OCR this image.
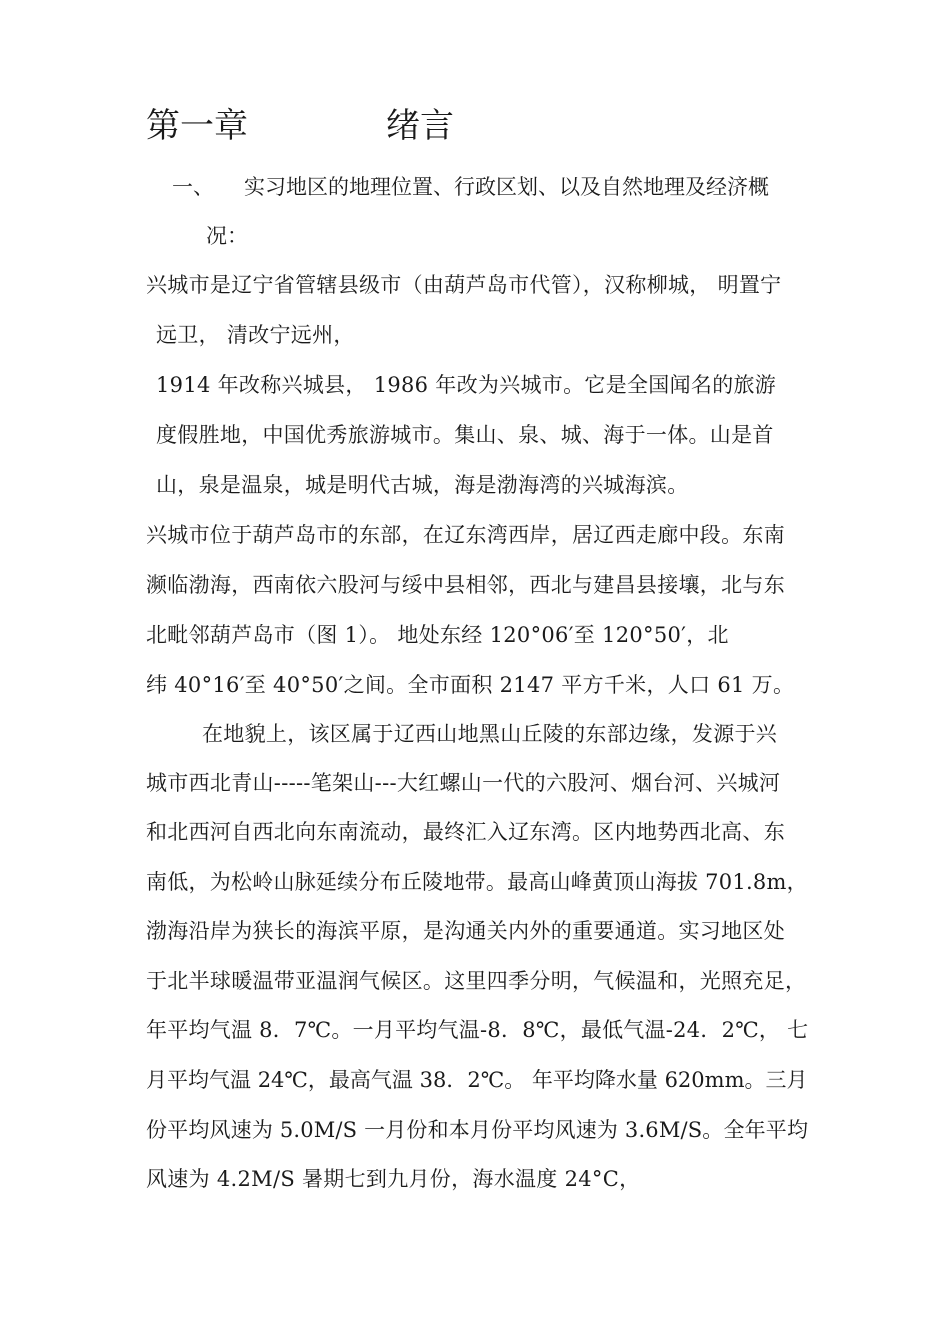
第一章	绪言
一、 实习地区的地理位置、行政区划、以及自然地理及经济概
况：
兴城市是辽宁省管辖县级市（由葫芦岛市代管），汉称柳城， 明置宁
远卫， 清改宁远州，
1914 年改称兴城县， 1986 年改为兴城市。它是全国闻名的旅游
度假胜地，中国优秀旅游城市。集山、泉、城、海于一体。山是首
山，泉是温泉，城是明代古城，海是渤海湾的兴城海滨。
兴城市位于葫芦岛市的东部，在辽东湾西岸，居辽西走廊中段。东南
濒临渤海，西南依六股河与绥中县相邻，西北与建昌县接壤，北与东
北毗邻葫芦岛市（图 1）。 地处东经 120°06′至 120°50′，北
纬 40°16′至 40°50′之间。全市面积 2147 平方千米，人口 61 万。
在地貌上，该区属于辽西山地黑山丘陵的东部边缘，发源于兴
城市西北青山-----笔架山---大红螺山一代的六股河、烟台河、兴城河
和北西河自西北向东南流动，最终汇入辽东湾。区内地势西北高、东
南低，为松岭山脉延续分布丘陵地带。最高山峰黄顶山海拔 701.8m，
渤海沿岸为狭长的海滨平原，是沟通关内外的重要通道。实习地区处
于北半球暖温带亚温润气候区。这里四季分明，气候温和，光照充足，
年平均气温 8．7℃。一月平均气温-8．8℃，最低气温-24．2℃， 七
月平均气温 24℃，最高气温 38．2℃。 年平均降水量 620mm。三月
份平均风速为 5.0M/S 一月份和本月份平均风速为 3.6M/S。全年平均
风速为 4.2M/S 暑期七到九月份，海水温度 24°C，
